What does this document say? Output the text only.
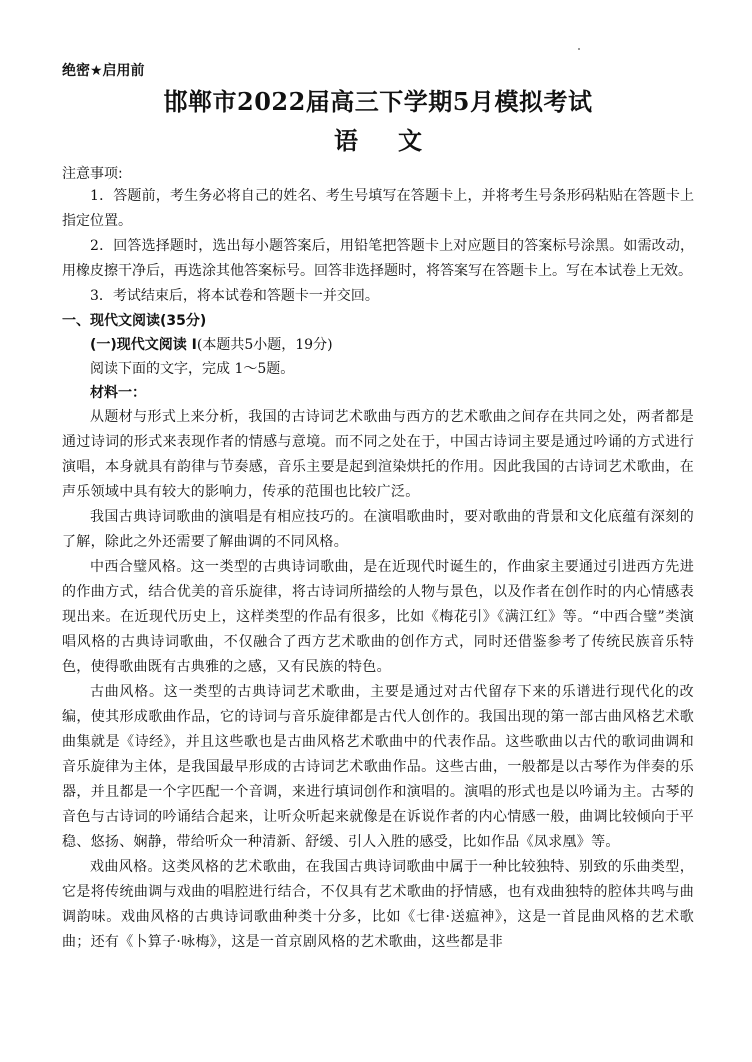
绝密★启用前

邯郸市2022届高三下学期5月模拟考试
语文

注意事项:

1．答题前，考生务必将自己的姓名、考生号填写在答题卡上，并将考生号条形码粘贴在答题卡上指定位置。

2．回答选择题时，选出每小题答案后，用铅笔把答题卡上对应题目的答案标号涂黑。如需改动，用橡皮擦干净后，再选涂其他答案标号。回答非选择题时，将答案写在答题卡上。写在本试卷上无效。

3．考试结束后，将本试卷和答题卡一并交回。

一、现代文阅读(35分)

(一)现代文阅读 Ⅰ(本题共5小题，19分)

阅读下面的文字，完成 1～5题。

材料一：

从题材与形式上来分析，我国的古诗词艺术歌曲与西方的艺术歌曲之间存在共同之处，两者都是通过诗词的形式来表现作者的情感与意境。而不同之处在于，中国古诗词主要是通过吟诵的方式进行演唱，本身就具有韵律与节奏感，音乐主要是起到渲染烘托的作用。因此我国的古诗词艺术歌曲，在声乐领域中具有较大的影响力，传承的范围也比较广泛。

我国古典诗词歌曲的演唱是有相应技巧的。在演唱歌曲时，要对歌曲的背景和文化底蕴有深刻的了解，除此之外还需要了解曲调的不同风格。

中西合璧风格。这一类型的古典诗词歌曲，是在近现代时诞生的，作曲家主要通过引进西方先进的作曲方式，结合优美的音乐旋律，将古诗词所描绘的人物与景色，以及作者在创作时的内心情感表现出来。在近现代历史上，这样类型的作品有很多，比如《梅花引》《满江红》等。“中西合璧”类演唱风格的古典诗词歌曲，不仅融合了西方艺术歌曲的创作方式，同时还借鉴参考了传统民族音乐特色，使得歌曲既有古典雅的之感，又有民族的特色。

古曲风格。这一类型的古典诗词艺术歌曲，主要是通过对古代留存下来的乐谱进行现代化的改编，使其形成歌曲作品，它的诗词与音乐旋律都是古代人创作的。我国出现的第一部古曲风格艺术歌曲集就是《诗经》，并且这些歌也是古曲风格艺术歌曲中的代表作品。这些歌曲以古代的歌词曲调和音乐旋律为主体，是我国最早形成的古诗词艺术歌曲作品。这些古曲，一般都是以古琴作为伴奏的乐器，并且都是一个字匹配一个音调，来进行填词创作和演唱的。演唱的形式也是以吟诵为主。古琴的音色与古诗词的吟诵结合起来，让听众听起来就像是在诉说作者的内心情感一般，曲调比较倾向于平稳、悠扬、娴静，带给听众一种清新、舒缓、引人入胜的感受，比如作品《凤求凰》等。

戏曲风格。这类风格的艺术歌曲，在我国古典诗词歌曲中属于一种比较独特、别致的乐曲类型，它是将传统曲调与戏曲的唱腔进行结合，不仅具有艺术歌曲的抒情感，也有戏曲独特的腔体共鸣与曲调韵味。戏曲风格的古典诗词歌曲种类十分多，比如《七律·送瘟神》，这是一首昆曲风格的艺术歌曲；还有《卜算子·咏梅》，这是一首京剧风格的艺术歌曲，这些都是非
